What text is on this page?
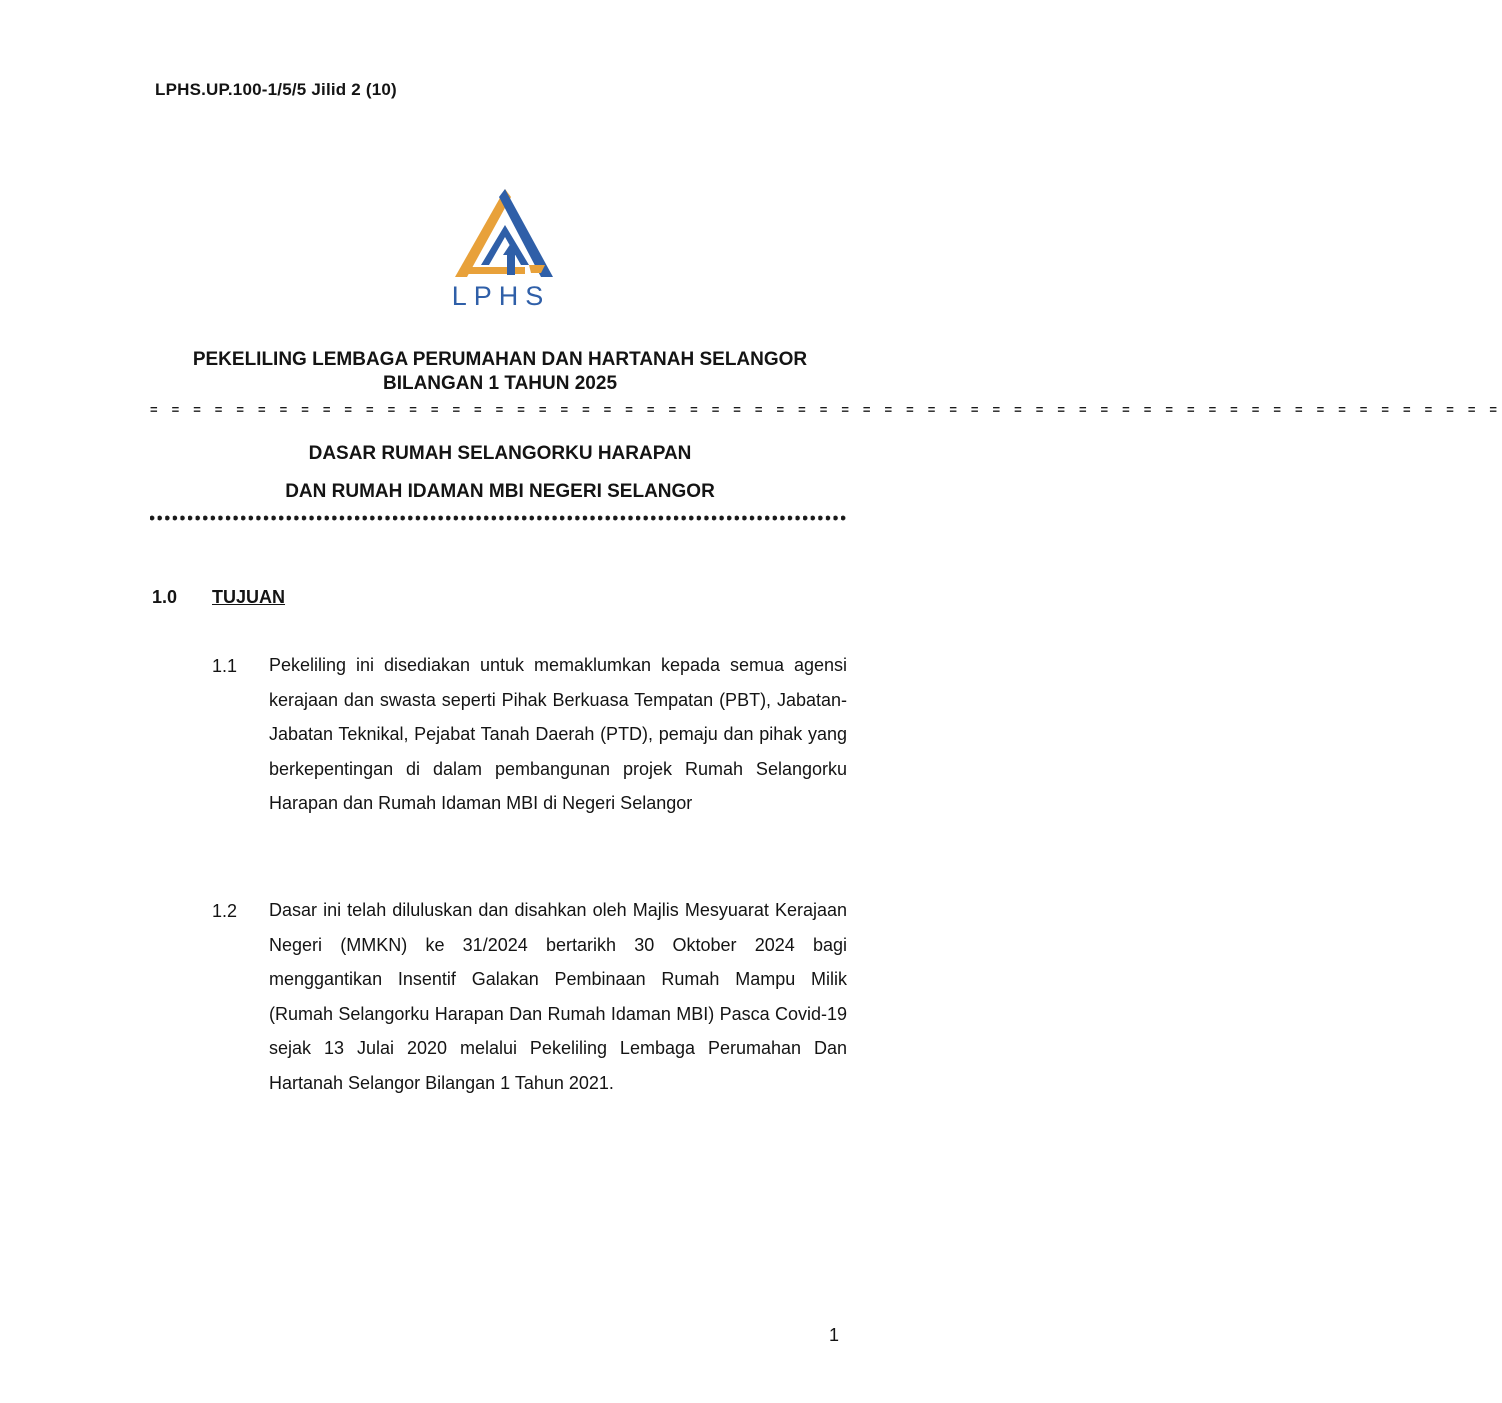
LPHS.UP.100-1/5/5 Jilid 2 (10)
LPHS
PEKELILING LEMBAGA PERUMAHAN DAN HARTANAH SELANGOR
BILANGAN 1 TAHUN 2025
= = = = = = = = = = = = = = = = = = = = = = = = = = = = = = = = = = = = = = = = = = = = = = = = = = = = = = = = = = = = = = =
DASAR RUMAH SELANGORKU HARAPAN
DAN RUMAH IDAMAN MBI NEGERI SELANGOR
1.0 TUJUAN
1.1 Pekeliling ini disediakan untuk memaklumkan kepada semua agensi kerajaan dan swasta seperti Pihak Berkuasa Tempatan (PBT), Jabatan-Jabatan Teknikal, Pejabat Tanah Daerah (PTD), pemaju dan pihak yang berkepentingan di dalam pembangunan projek Rumah Selangorku Harapan dan Rumah Idaman MBI di Negeri Selangor
1.2 Dasar ini telah diluluskan dan disahkan oleh Majlis Mesyuarat Kerajaan Negeri (MMKN) ke 31/2024 bertarikh 30 Oktober 2024 bagi menggantikan Insentif Galakan Pembinaan Rumah Mampu Milik (Rumah Selangorku Harapan Dan Rumah Idaman MBI) Pasca Covid-19 sejak 13 Julai 2020 melalui Pekeliling Lembaga Perumahan Dan Hartanah Selangor Bilangan 1 Tahun 2021.
1
